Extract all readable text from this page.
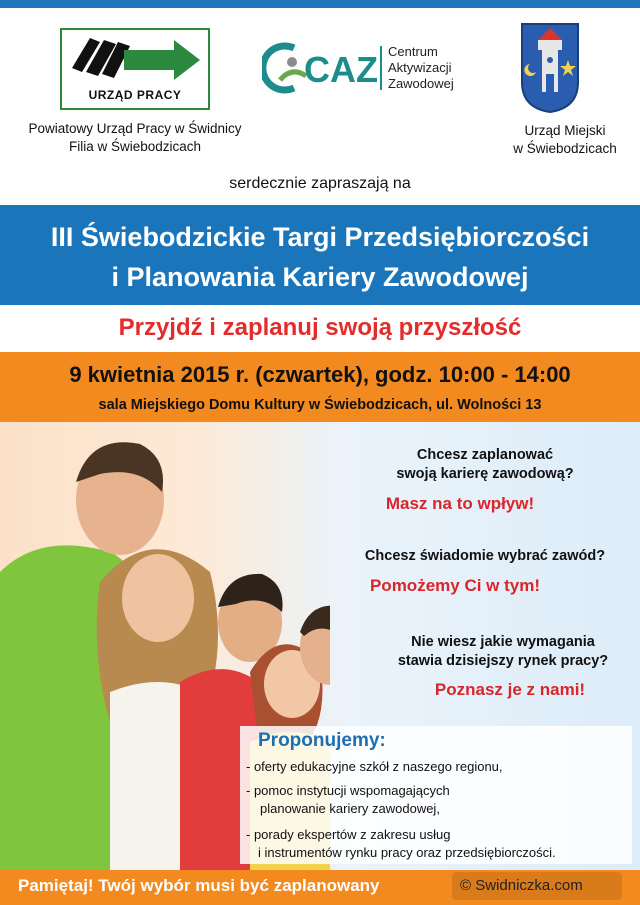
URZĄD PRACY
Powiatowy Urząd Pracy w Świdnicy
Filia w Świebodzicach
CAZ Centrum
Aktywizacji
Zawodowej
Urząd Miejski
w Świebodzicach
serdecznie zapraszają na
III Świebodzickie Targi Przedsiębiorczości
i Planowania Kariery Zawodowej
Przyjdź i zaplanuj swoją przyszłość
9 kwietnia 2015 r. (czwartek), godz. 10:00 - 14:00
sala Miejskiego Domu Kultury w Świebodzicach, ul. Wolności 13
Chcesz zaplanować
swoją karierę zawodową?
Masz na to wpływ!
Chcesz świadomie wybrać zawód?
Pomożemy Ci w tym!
Nie wiesz jakie wymagania
stawia dzisiejszy rynek pracy?
Poznasz je z nami!
Proponujemy:
- oferty edukacyjne szkół z naszego regionu,
- pomoc instytucji wspomagających
planowanie kariery zawodowej,
- porady ekspertów z zakresu usług
i instrumentów rynku pracy oraz przedsiębiorczości.
Pamiętaj! Twój wybór musi być zaplanowany	© Swidniczka.com
